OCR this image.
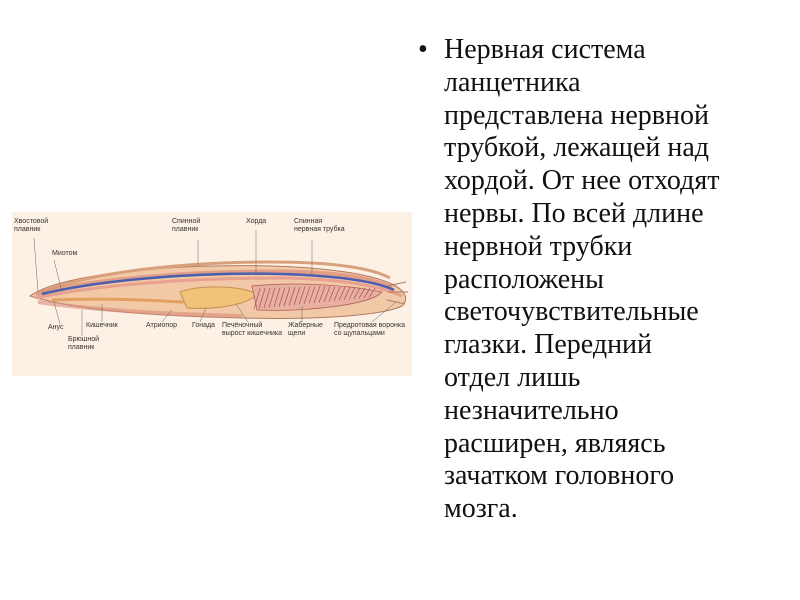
Хвостовой
плавник
Спинной
плавник
Хорда	Спинная
нервная трубка
Миотом
Анус	Кишечник
Брюшной
плавник
Атриопор Гонада Печёночный
вырост кишечника
Жаберные
щели
Предротовая воронка
со щупальцами
• Нервная система
ланцетника
представлена нервной
трубкой, лежащей над
хордой. От нее отходят
нервы. По всей длине
нервной трубки
расположены
светочувствительные
глазки. Передний
отдел лишь
незначительно
расширен, являясь
зачатком головного
мозга.
